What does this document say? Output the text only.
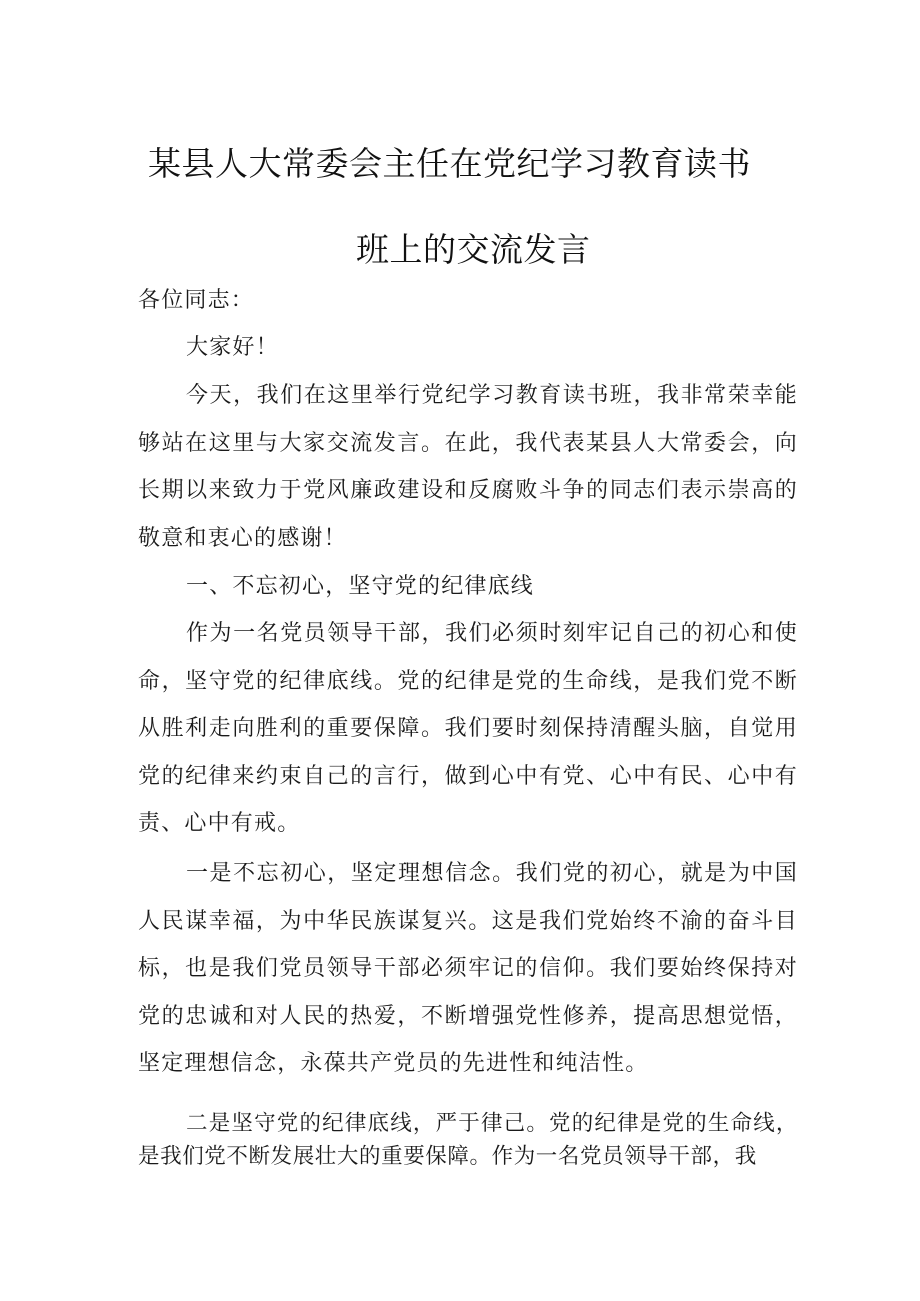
某县人大常委会主任在党纪学习教育读书
班上的交流发言

各位同志：

大家好！

今天，我们在这里举行党纪学习教育读书班，我非常荣幸能够站在这里与大家交流发言。在此，我代表某县人大常委会，向长期以来致力于党风廉政建设和反腐败斗争的同志们表示崇高的敬意和衷心的感谢！

一、不忘初心，坚守党的纪律底线

作为一名党员领导干部，我们必须时刻牢记自己的初心和使命，坚守党的纪律底线。党的纪律是党的生命线，是我们党不断从胜利走向胜利的重要保障。我们要时刻保持清醒头脑，自觉用党的纪律来约束自己的言行，做到心中有党、心中有民、心中有责、心中有戒。

一是不忘初心，坚定理想信念。我们党的初心，就是为中国人民谋幸福，为中华民族谋复兴。这是我们党始终不渝的奋斗目标，也是我们党员领导干部必须牢记的信仰。我们要始终保持对党的忠诚和对人民的热爱，不断增强党性修养，提高思想觉悟，坚定理想信念，永葆共产党员的先进性和纯洁性。

二是坚守党的纪律底线，严于律己。党的纪律是党的生命线，是我们党不断发展壮大的重要保障。作为一名党员领导干部，我
